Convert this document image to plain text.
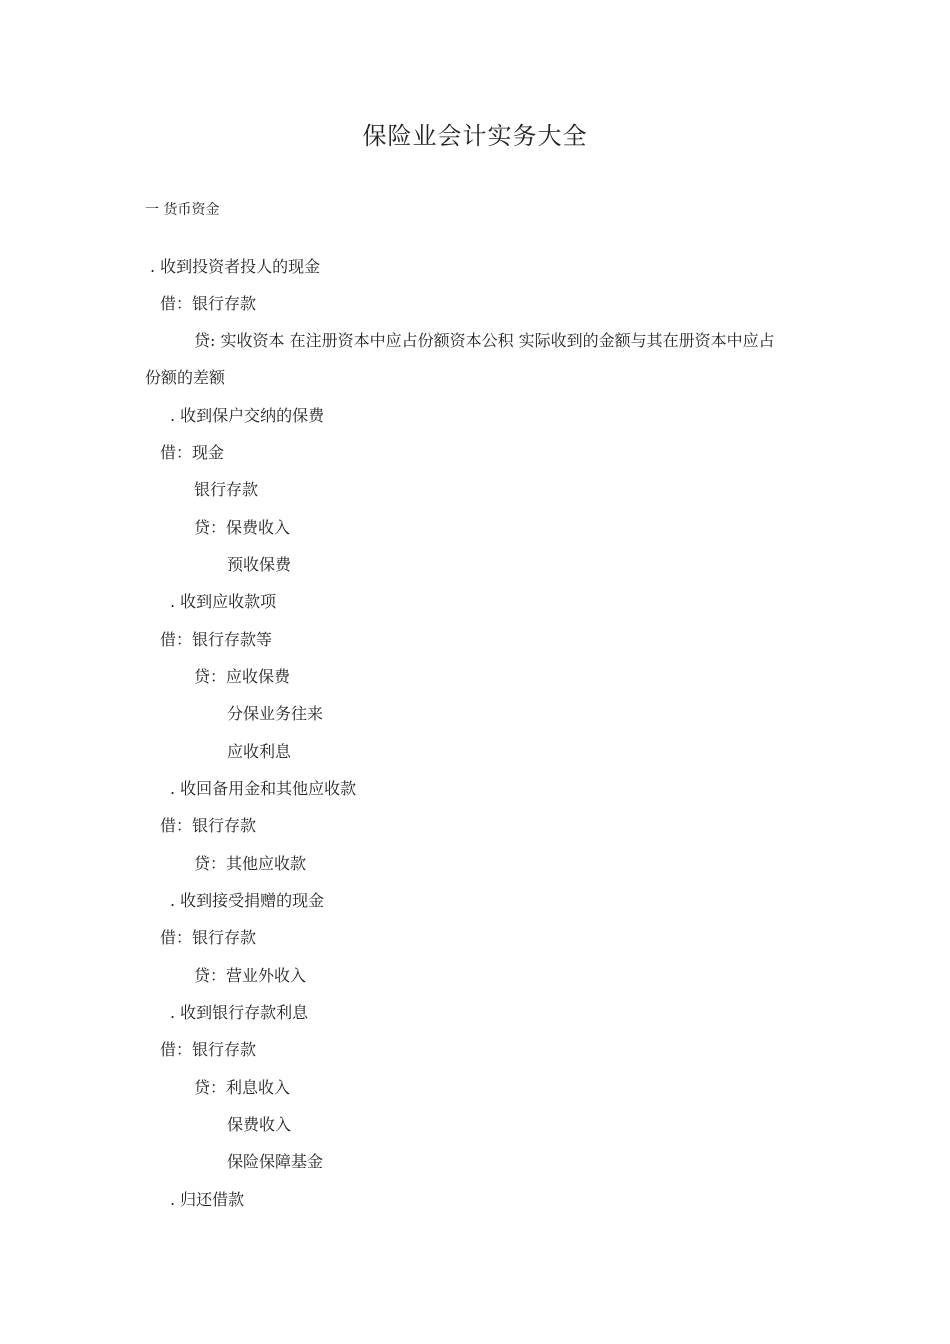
保险业会计实务大全
一 货币资金
. 收到投资者投人的现金
借：银行存款
贷: 实收资本 在注册资本中应占份额资本公积 实际收到的金额与其在册资本中应占
份额的差额
. 收到保户交纳的保费
借：现金
银行存款
贷：保费收入
预收保费
. 收到应收款项
借：银行存款等
贷：应收保费
分保业务往来
应收利息
. 收回备用金和其他应收款
借：银行存款
贷：其他应收款
. 收到接受捐赠的现金
借：银行存款
贷：营业外收入
. 收到银行存款利息
借：银行存款
贷：利息收入
保费收入
保险保障基金
. 归还借款
